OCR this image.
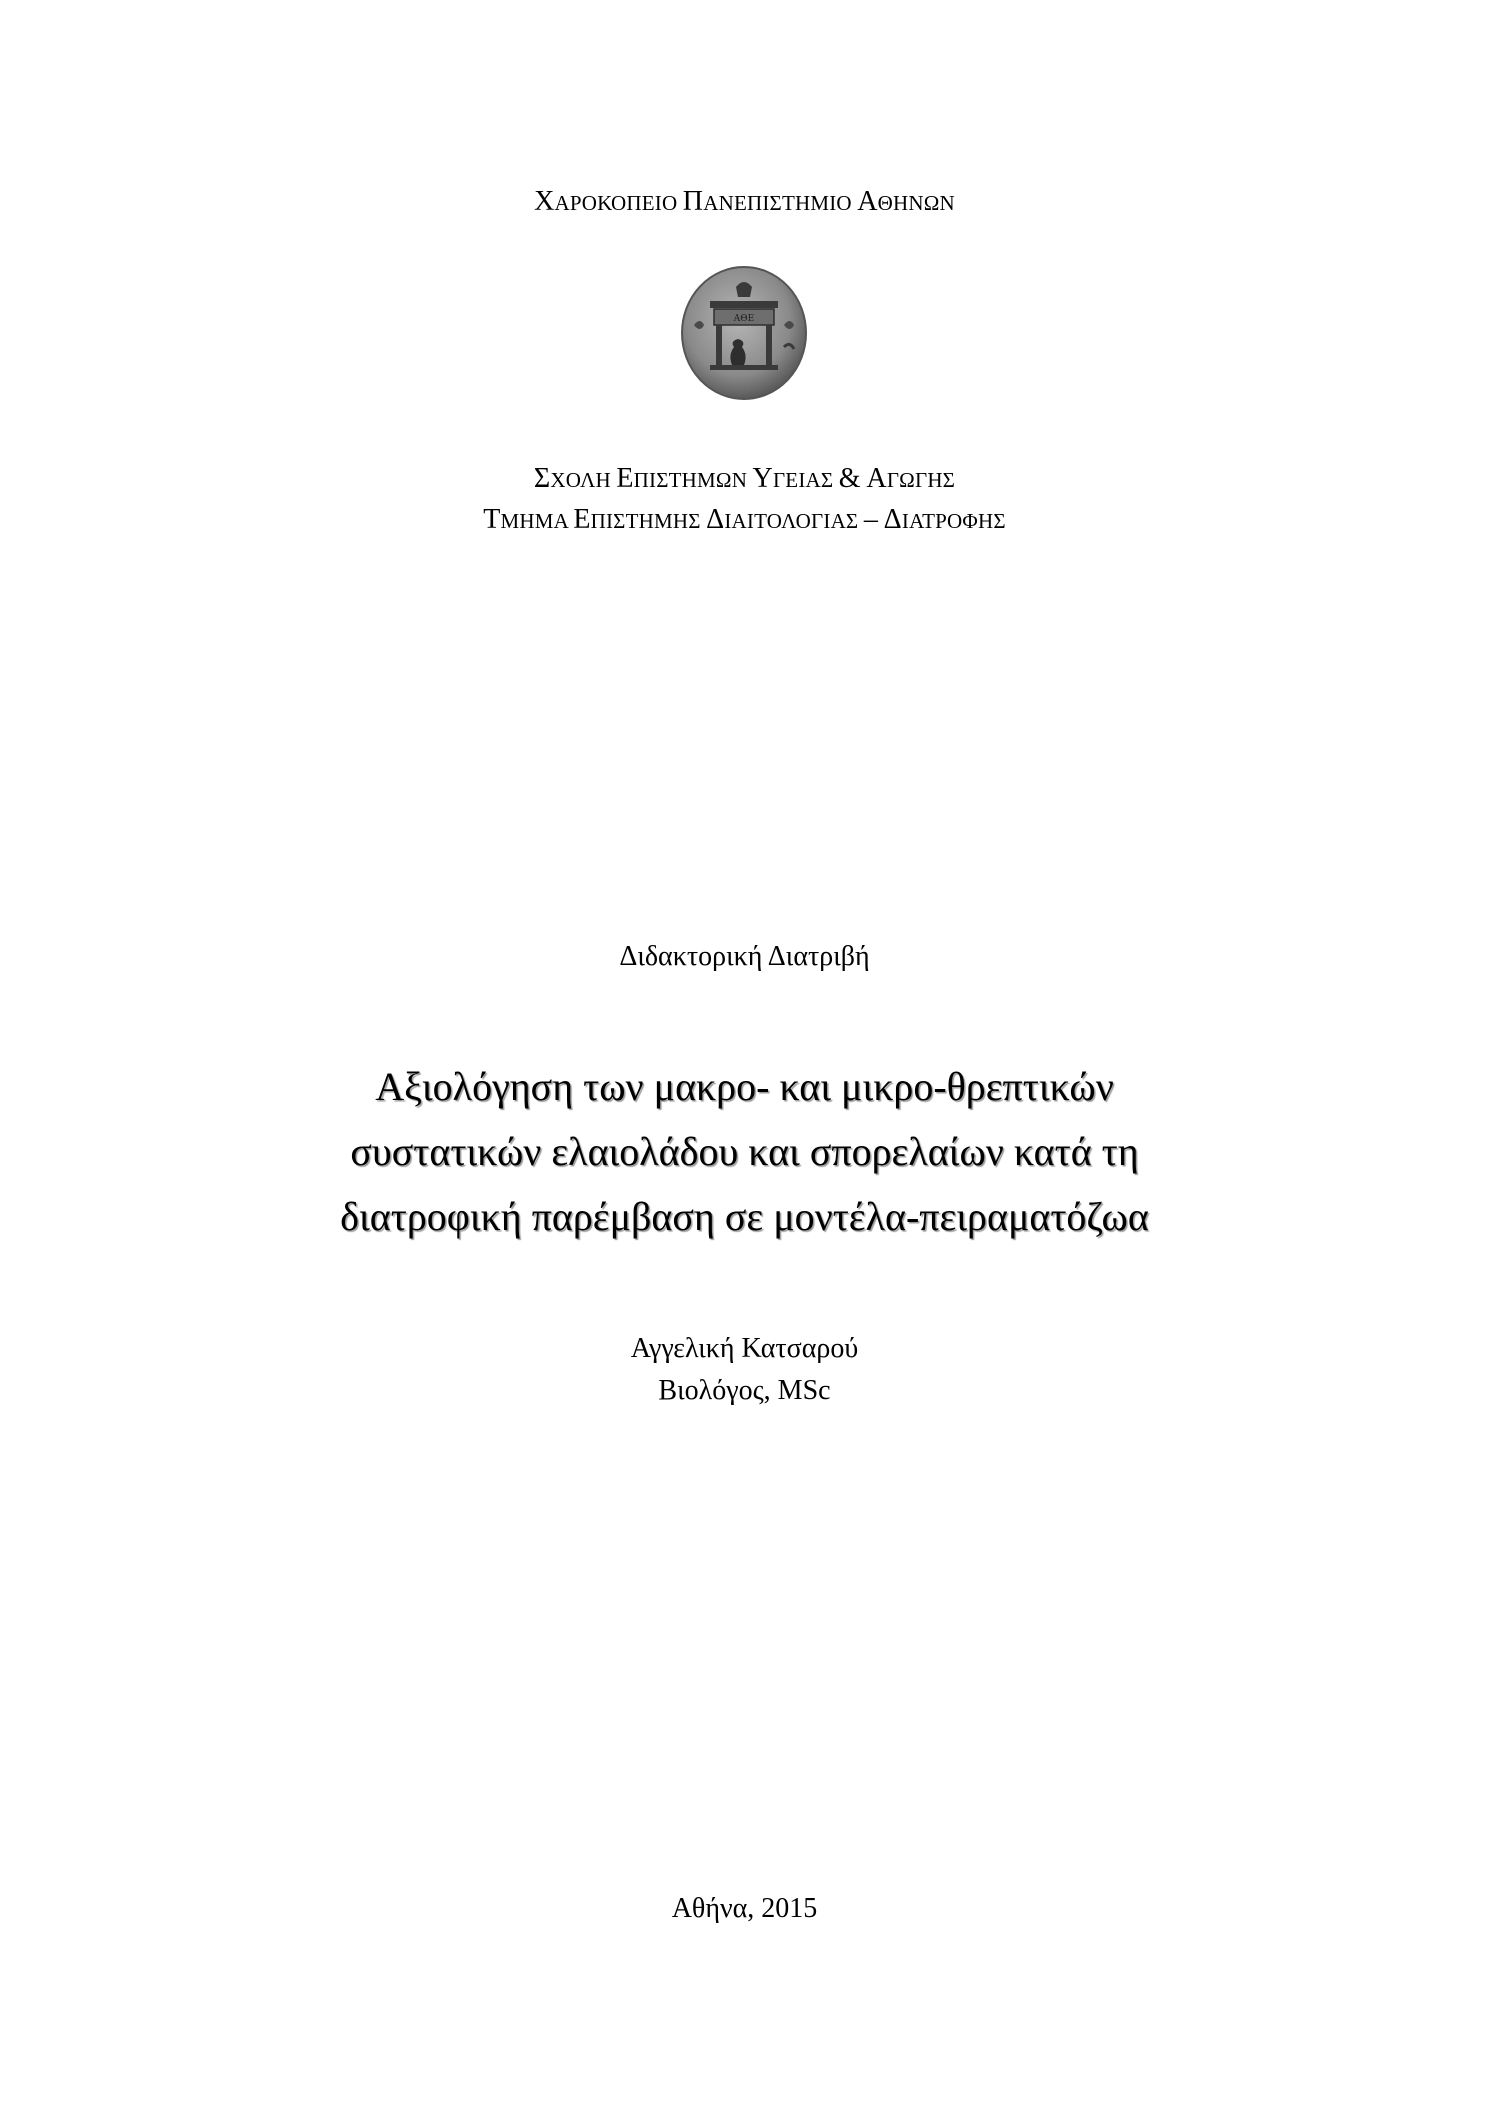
ΧΑΡΟΚΟΠΕΙΟ ΠΑΝΕΠΙΣΤΗΜΙΟ ΑΘΗΝΩΝ
ΑΘΕ
ΣΧΟΛΗ ΕΠΙΣΤΗΜΩΝ ΥΓΕΙΑΣ & ΑΓΩΓΗΣ
ΤΜΗΜΑ ΕΠΙΣΤΗΜΗΣ ΔΙΑΙΤΟΛΟΓΙΑΣ – ΔΙΑΤΡΟΦΗΣ
Διδακτορική Διατριβή
Αξιολόγηση των μακρο- και μικρο-θρεπτικών
συστατικών ελαιολάδου και σπορελαίων κατά τη
διατροφική παρέμβαση σε μοντέλα-πειραματόζωα
Αγγελική Κατσαρού
Βιολόγος, MSc
Αθήνα, 2015
